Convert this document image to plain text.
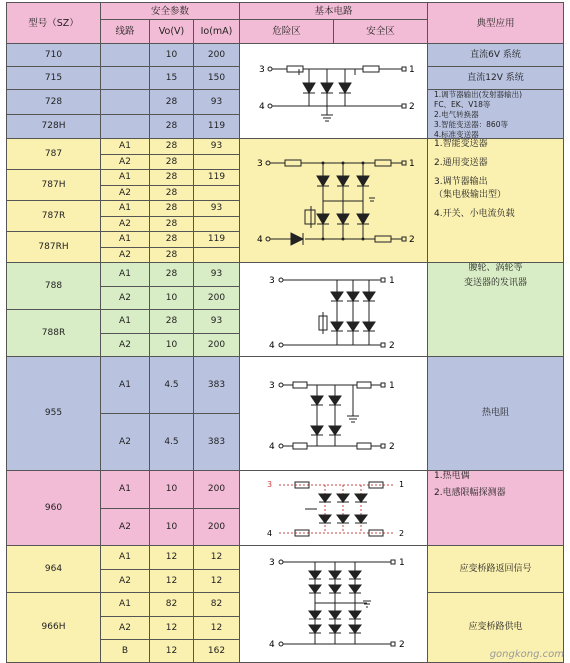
型号（SZ）
安全参数
线路	Vo(V) Io(mA)
基本电路
危险区	安全区
典型应用
710
715
728
728H
10
15
28
28
200
150
93
119
3
4
1
2
直流6V 系统
直流12V 系统
1.调节器输出(发射器输出)
FC、EK、V18等
2.电气转换器
3.智能变送器：860等
4.标准变送器
787
787H
787R
787RH
A1
A2
A1
A2
A1
A2
A1
A2
28
28
28
28
28
28
28
28
93
119
93
119
3
4
1
2
1.智能变送器
2.通用变送器
3.调节器输出
（集电极输出型）
4.开关、小电流负载
788
788R
A1
A2
A1
A2
28
10
28
10
93
200
93
200
3
4
1
2
腰轮、涡轮等
变送器的发讯器
955
A1
A2
4.5
4.5
383
383
3
4
1
2
热电阻
960
A1
A2
10
10
200
200
3
4
1
2
1.热电偶
2.电感限幅探测器
964
A1
A2
12
12
12
12
966H
A1
A2
B
82
12
12
82
12
162
3
4
1
2
应变桥路返回信号
应变桥路供电
gongkong.com
